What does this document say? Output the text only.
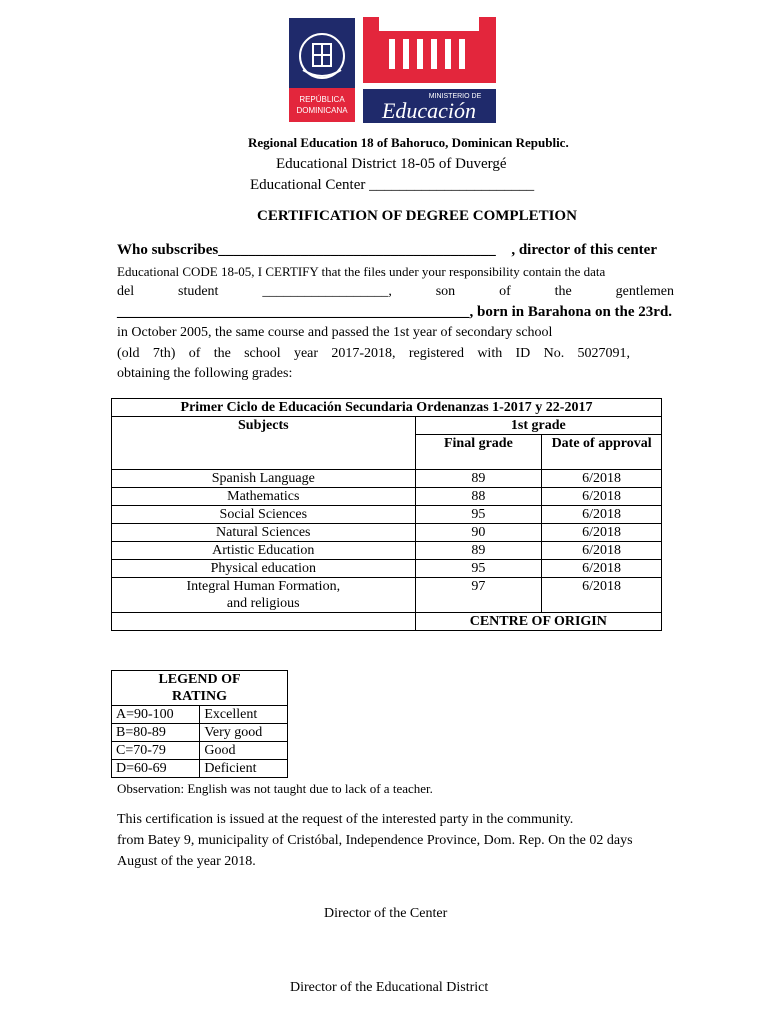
REPÚBLICA
DOMINICANA
MINISTERIO DE
Educación
Regional Education 18 of Bahoruco, Dominican Republic.
Educational District 18-05 of Duvergé
Educational Center ______________________
CERTIFICATION OF DEGREE COMPLETION
Who subscribes_____________________________________ , director of this center
Educational CODE 18-05, I CERTIFY that the files under your responsibility contain the data
del	student	__________________,	son	of	the	gentlemen
_______________________________________________, born in Barahona on the 23rd.
in October 2005, the same course and passed the 1st year of secondary school
(old 7th) of the school year 2017-2018, registered with ID No. 5027091,
obtaining the following grades:
Primer Ciclo de Educación Secundaria Ordenanzas 1-2017 y 22-2017		
Subjects	1st grade	
	Final grade	Date of approval
Spanish Language	89	6/2018
Mathematics	88	6/2018
Social Sciences	95	6/2018
Natural Sciences	90	6/2018
Artistic Education	89	6/2018
Physical education	95	6/2018
Integral Human Formation, and religious	97	6/2018
	CENTRE OF ORIGIN	
LEGEND OF RATING	
A=90-100	Excellent
B=80-89	Very good
C=70-79	Good
D=60-69	Deficient
Observation: English was not taught due to lack of a teacher.
This certification is issued at the request of the interested party in the community.
from Batey 9, municipality of Cristóbal, Independence Province, Dom. Rep. On the 02 days
August of the year 2018.
Director of the Center
Director of the Educational District
